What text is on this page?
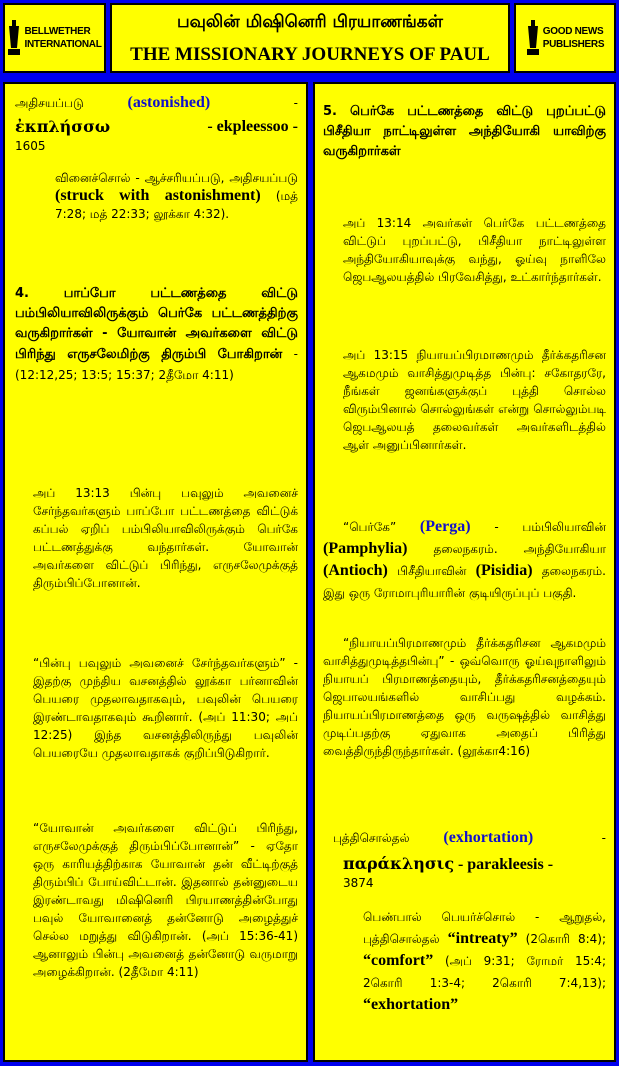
BELLWETHER
INTERNATIONAL
பவுலின் மிஷினெரி பிரயாணங்கள்
THE MISSIONARY JOURNEYS OF PAUL
GOOD NEWS
PUBLISHERS

அதிசயப்படு	(astonished)	-

ἐκπλήσσω	- ekpleessoo -

1605

வினைச்சொல் - ஆச்சரியப்படு, அதிசயப்படு (struck with astonishment) (மத் 7:28; மத் 22:33; லூக்கா 4:32).

4. பாப்போ பட்டணத்தை விட்டு பம்பிலியாவிலிருக்கும் பெர்கே பட்டணத்திற்கு வருகிறார்கள் - யோவான் அவர்களை விட்டு பிரிந்து எருசலேமிற்கு திரும்பி போகிறான் - (12:12,25; 13:5; 15:37; 2தீமோ 4:11)

அப் 13:13 பின்பு பவுலும் அவனைச் சேர்ந்தவர்களும் பாப்போ பட்டணத்தை விட்டுக் கப்பல் ஏறிப் பம்பிலியாவிலிருக்கும் பெர்கே பட்டணத்துக்கு வந்தார்கள். யோவான் அவர்களை விட்டுப் பிரிந்து, எருசலேமுக்குத் திரும்பிப்போனான்.

“பின்பு பவுலும் அவனைச் சேர்ந்தவர்களும்” - இதற்கு முந்திய வசனத்தில் லூக்கா பர்னாவின் பெயரை முதலாவதாகவும், பவுலின் பெயரை இரண்டாவதாகவும் கூறினார். (அப் 11:30; அப் 12:25) இந்த வசனத்திலிருந்து பவுலின் பெயரையே முதலாவதாகக் குறிப்பிடுகிறார்.

“யோவான் அவர்களை விட்டுப் பிரிந்து, எருசலேமுக்குத் திரும்பிப்போனான்” - ஏதோ ஒரு காரியத்திற்காக யோவான் தன் வீட்டிற்குத் திரும்பிப் போய்விட்டான். இதனால் தன்னுடைய இரண்டாவது மிஷினெரி பிரயாணத்தின்போது பவுல் யோவானைத் தன்னோடு அழைத்துச் செல்ல மறுத்து விடுகிறான். (அப் 15:36-41) ஆனாலும் பின்பு அவனைத் தன்னோடு வருமாறு அழைக்கிறான். (2தீமோ 4:11)

5. பெர்கே பட்டணத்தை விட்டு புறப்பட்டு பிசீதியா நாட்டிலுள்ள அந்தியோகி யாவிற்கு வருகிறார்கள்

அப் 13:14 அவர்கள் பெர்கே பட்டணத்தை விட்டுப் புறப்பட்டு, பிசீதியா நாட்டிலுள்ள அந்தியோகியாவுக்கு வந்து, ஓய்வு நாளிலே ஜெபஆலயத்தில் பிரவேசித்து, உட்கார்ந்தார்கள்.

அப் 13:15 நியாயப்பிரமாணமும் தீர்க்கதரிசன ஆகமமும் வாசித்துமுடித்த பின்பு: சகோதரரே, நீங்கள் ஜனங்களுக்குப் புத்தி சொல்ல விரும்பினால் சொல்லுங்கள் என்று சொல்லும்படி ஜெபஆலயத் தலைவர்கள் அவர்களிடத்தில் ஆள் அனுப்பினார்கள்.

“பெர்கே” (Perga) - பம்பிலியாவின் (Pamphylia) தலைநகரம். அந்தியோகியா (Antioch) பிசீதியாவின் (Pisidia) தலைநகரம். இது ஒரு ரோமாபுரியாரின் குடியிருப்புப் பகுதி.

“நியாயப்பிரமாணமும் தீர்க்கதரிசன ஆகமமும் வாசித்துமுடித்தபின்பு” - ஒவ்வொரு ஓய்வுநாளிலும் நியாயப் பிரமாணத்தையும், தீர்க்கதரிசனத்தையும் ஜெபாலயங்களில் வாசிப்பது வழக்கம். நியாயப்பிரமாணத்தை ஒரு வருஷத்தில் வாசித்து முடிப்பதற்கு ஏதுவாக அதைப் பிரித்து வைத்திருந்திருந்தார்கள். (லூக்கா4:16)

புத்திசொல்தல் (exhortation)	-

παράκλησις - parakleesis -

3874

பெண்பால் பெயர்ச்சொல் - ஆறுதல், புத்திசொல்தல் “intreaty” (2கொரி 8:4); “comfort” (அப் 9:31; ரோமர் 15:4; 2கொரி 1:3-4; 2கொரி 7:4,13); “exhortation”
